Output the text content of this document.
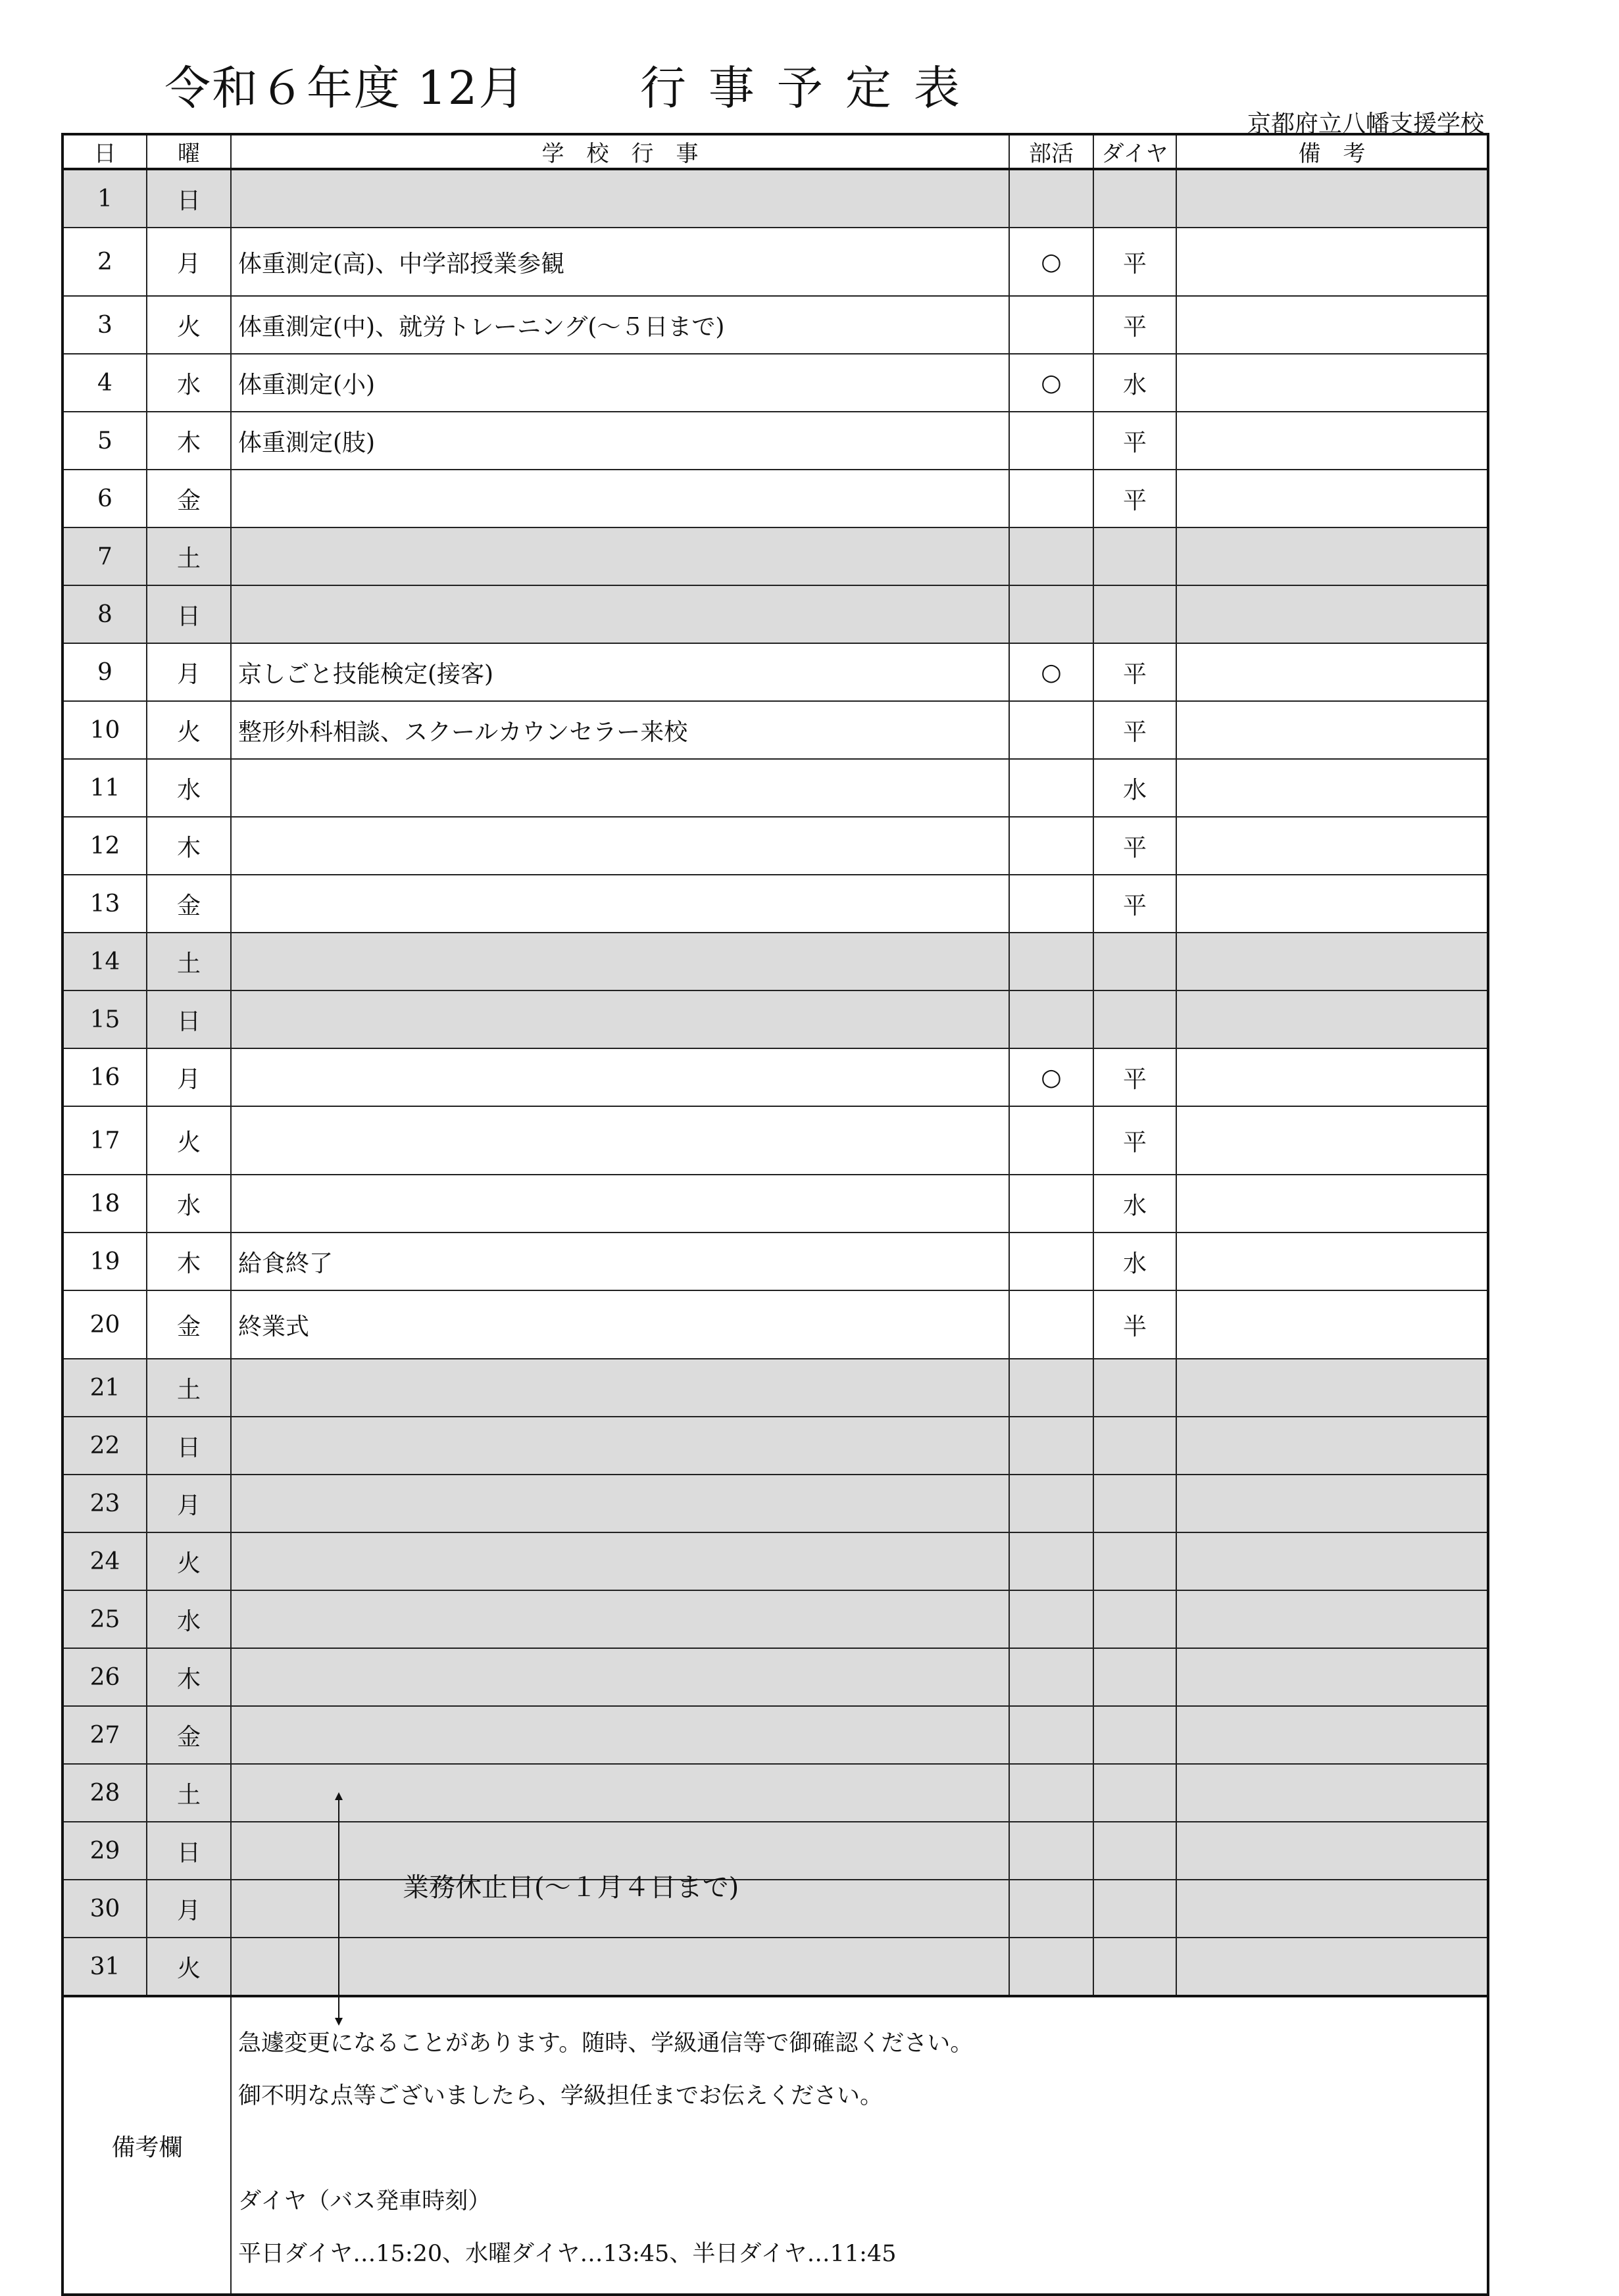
令和６年度 12月 行事予定表
京都府立八幡支援学校
日	曜	学　校　行　事	部活	ダイヤ	備　考
1	日				
2	月	体重測定(高)、中学部授業参観	○	平	
3	火	体重測定(中)、就労トレーニング(～５日まで)		平	
4	水	体重測定(小)	○	水	
5	木	体重測定(肢)		平	
6	金			平	
7	土				
8	日				
9	月	京しごと技能検定(接客)	○	平	
10	火	整形外科相談、スクールカウンセラー来校		平	
11	水			水	
12	木			平	
13	金			平	
14	土				
15	日				
16	月		○	平	
17	火			平	
18	水			水	
19	木	給食終了		水	
20	金	終業式		半	
21	土				
22	日				
23	月				
24	火				
25	水				
26	木				
27	金				
28	土				
29	日				
30	月				
31	火				
備考欄		急遽変更になることがあります。随時、学級通信等で御確認ください。

御不明な点等ございましたら、学級担任までお伝えください。

ダイヤ（バス発車時刻）

平日ダイヤ…15:20、水曜ダイヤ…13:45、半日ダイヤ…11:45			

業務休止日(～１月４日まで)
